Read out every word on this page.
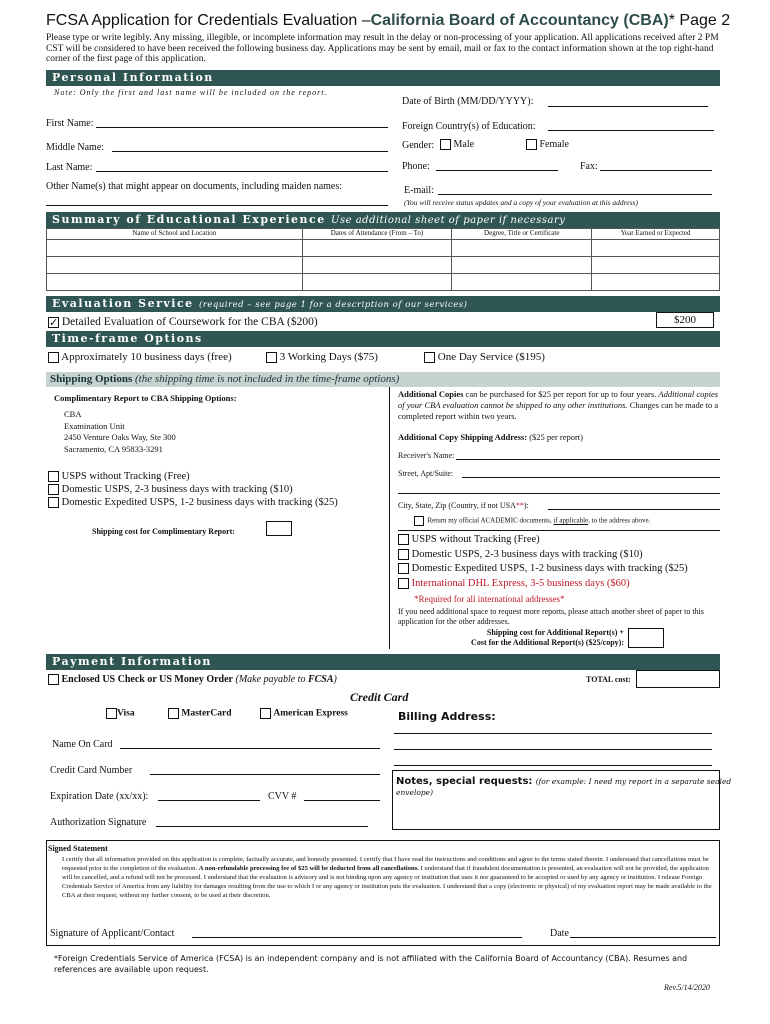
FCSA Application for Credentials Evaluation –California Board of Accountancy (CBA)* Page 2
Please type or write legibly. Any missing, illegible, or incomplete information may result in the delay or non-processing of your application. All applications received after 2 PM CST will be considered to have been received the following business day. Applications may be sent by email, mail or fax to the contact information shown at the top right-hand corner of the first page of this application.
Personal Information
Note: Only the first and last name will be included on the report.
Date of Birth (MM/DD/YYYY):
First Name:	Foreign Country(s) of Education:
Middle Name:	Gender:	Male	Female
Last Name:	Phone:	Fax:
Other Name(s) that might appear on documents, including maiden names:	E-mail:
(You will receive status updates and a copy of your evaluation at this address)
Summary of Educational Experience Use additional sheet of paper if necessary
Name of School and Location	Dates of Attendance (From – To)	Degree, Title or Certificate	Year Earned or Expected

Evaluation Service (required – see page 1 for a description of our services)
✓ Detailed Evaluation of Coursework for the CBA ($200)	$200
Time-frame Options
Approximately 10 business days (free)	3 Working Days ($75)	One Day Service ($195)
Shipping Options (the shipping time is not included in the time-frame options)
Complimentary Report to CBA Shipping Options:
CBA
Examination Unit
2450 Venture Oaks Way, Ste 300
Sacramento, CA 95833-3291
USPS without Tracking (Free)
Domestic USPS, 2-3 business days with tracking ($10)
Domestic Expedited USPS, 1-2 business days with tracking ($25)
Shipping cost for Complimentary Report:
Additional Copies can be purchased for $25 per report for up to four years. Additional copies of your CBA evaluation cannot be shipped to any other institutions. Changes can be made to a completed report within two years.
Additional Copy Shipping Address: ($25 per report)
Receiver's Name:
Street, Apt/Suite:
City, State, Zip (Country, if not USA**):
Return my official ACADEMIC documents, if applicable, to the address above.
USPS without Tracking (Free)
Domestic USPS, 2-3 business days with tracking ($10)
Domestic Expedited USPS, 1-2 business days with tracking ($25)
International DHL Express, 3-5 business days ($60)
*Required for all international addresses*
If you need additional space to request more reports, please attach another sheet of paper to this application for the other addresses.
Shipping cost for Additional Report(s) +
Cost for the Additional Report(s) ($25/copy):
Payment Information
Enclosed US Check or US Money Order (Make payable to FCSA)	TOTAL cost:
Credit Card
Visa	MasterCard	American Express	Billing Address:
Name On Card
Credit Card Number
Notes, special requests: (for example: I need my report in a separate sealed envelope)
Expiration Date (xx/xx):	CVV #
Authorization Signature
Signed Statement
I certify that all information provided on this application is complete, factually accurate, and honestly presented. I certify that I have read the instructions and conditions and agree to the terms stated therein. I understand that cancellations must be requested prior to the completion of the evaluation. A non-refundable processing fee of $25 will be deducted from all cancellations. I understand that if fraudulent documentation is presented, an evaluation will not be provided, the application will be cancelled, and a refund will not be processed. I understand that the evaluation is advisory and is not binding upon any agency or institution that uses it nor guaranteed to be accepted or used by any agency or institution. I release Foreign Credentials Service of America from any liability for damages resulting from the use to which I or any agency or institution puts the evaluation. I understand that a copy (electronic or physical) of my evaluation report may be made available to the CBA at their request, without my further consent, to be used at their discretion.
Signature of Applicant/Contact	Date
*Foreign Credentials Service of America (FCSA) is an independent company and is not affiliated with the California Board of Accountancy (CBA). Resumes and references are available upon request.
Rev.5/14/2020
